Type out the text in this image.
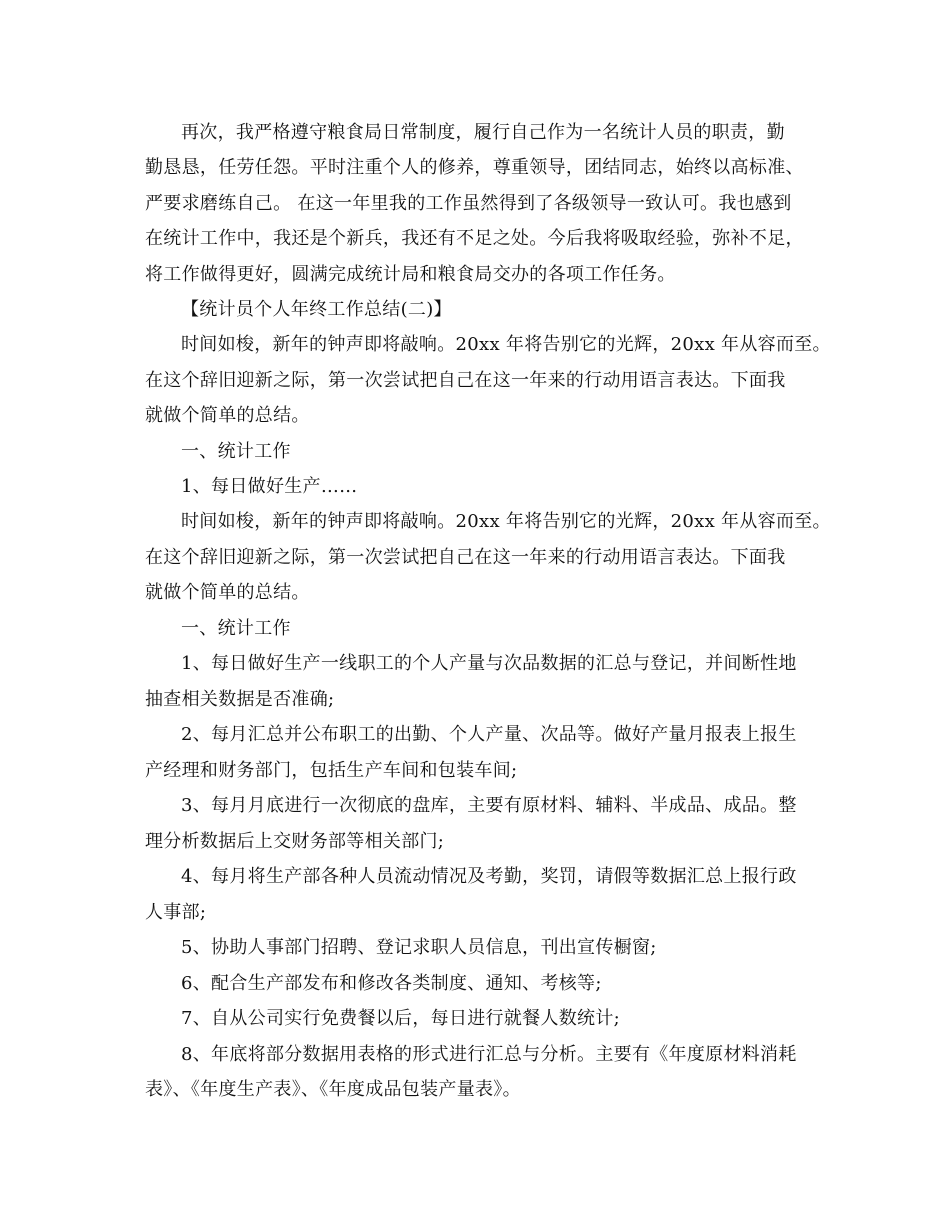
再次，我严格遵守粮食局日常制度，履行自己作为一名统计人员的职责，勤
勤恳恳，任劳任怨。平时注重个人的修养，尊重领导，团结同志，始终以高标准、
严要求磨练自己。 在这一年里我的工作虽然得到了各级领导一致认可。我也感到
在统计工作中，我还是个新兵，我还有不足之处。今后我将吸取经验，弥补不足，
将工作做得更好，圆满完成统计局和粮食局交办的各项工作任务。
【统计员个人年终工作总结(二)】
时间如梭，新年的钟声即将敲响。20xx 年将告别它的光辉，20xx 年从容而至。
在这个辞旧迎新之际，第一次尝试把自己在这一年来的行动用语言表达。下面我
就做个简单的总结。
一、统计工作
1、每日做好生产……
时间如梭，新年的钟声即将敲响。20xx 年将告别它的光辉，20xx 年从容而至。
在这个辞旧迎新之际，第一次尝试把自己在这一年来的行动用语言表达。下面我
就做个简单的总结。
一、统计工作
1、每日做好生产一线职工的个人产量与次品数据的汇总与登记，并间断性地
抽查相关数据是否准确;
2、每月汇总并公布职工的出勤、个人产量、次品等。做好产量月报表上报生
产经理和财务部门，包括生产车间和包装车间;
3、每月月底进行一次彻底的盘库，主要有原材料、辅料、半成品、成品。整
理分析数据后上交财务部等相关部门;
4、每月将生产部各种人员流动情况及考勤，奖罚，请假等数据汇总上报行政
人事部;
5、协助人事部门招聘、登记求职人员信息，刊出宣传橱窗;
6、配合生产部发布和修改各类制度、通知、考核等;
7、自从公司实行免费餐以后，每日进行就餐人数统计;
8、年底将部分数据用表格的形式进行汇总与分析。主要有《年度原材料消耗
表》、《年度生产表》、《年度成品包装产量表》。
